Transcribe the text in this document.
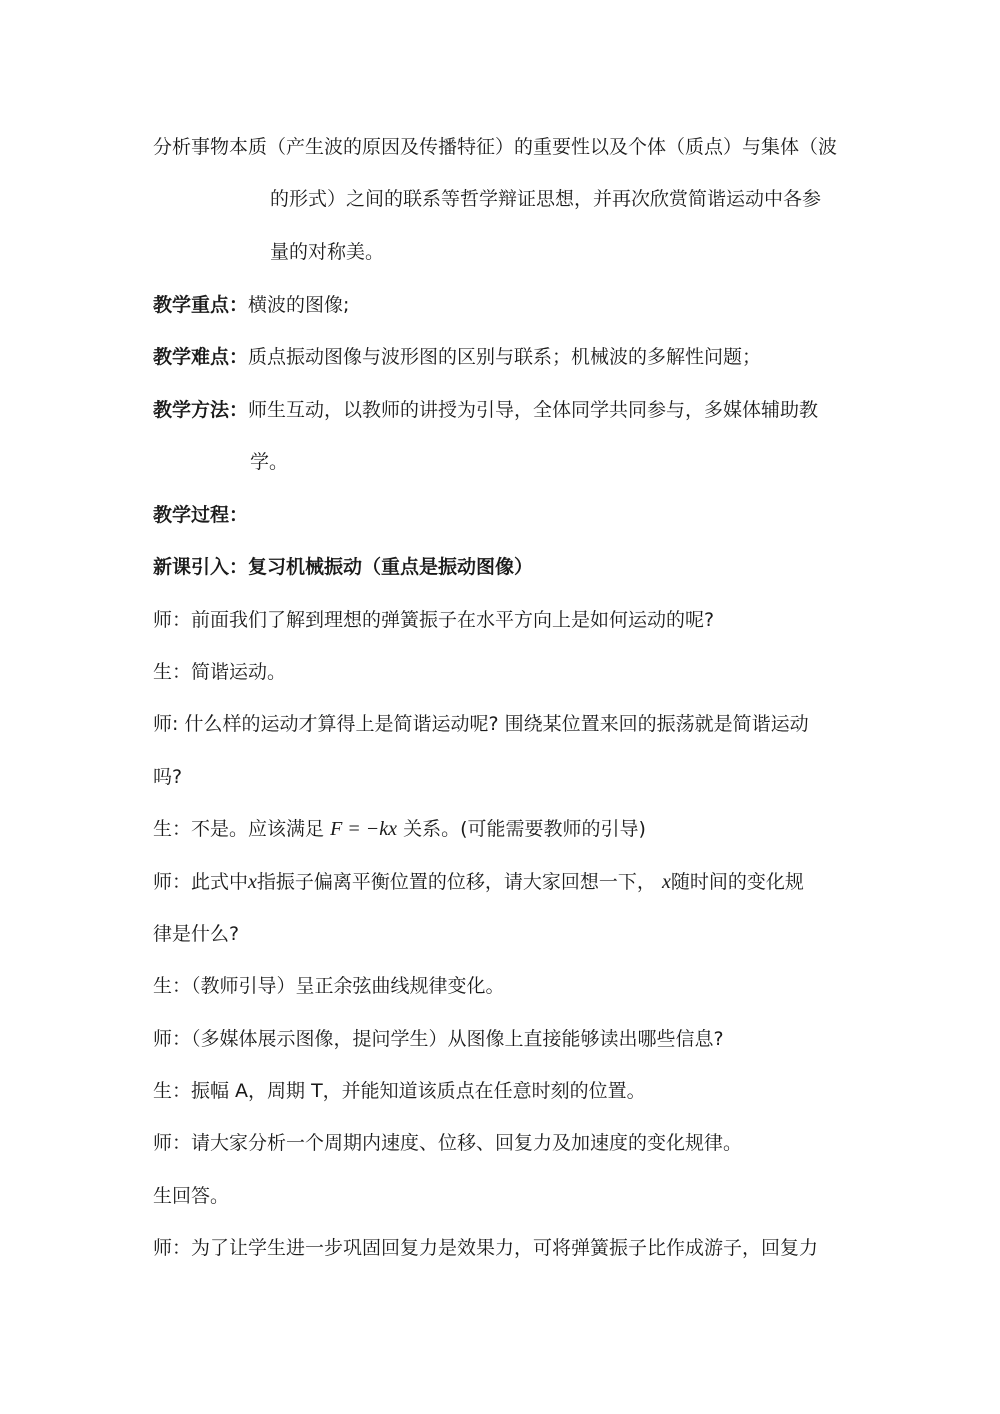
分析事物本质（产生波的原因及传播特征）的重要性以及个体（质点）与集体（波
的形式）之间的联系等哲学辩证思想，并再次欣赏简谐运动中各参
量的对称美。
教学重点：横波的图像;
教学难点：质点振动图像与波形图的区别与联系；机械波的多解性问题；
教学方法：师生互动，以教师的讲授为引导，全体同学共同参与，多媒体辅助教
学。
教学过程：
新课引入：复习机械振动（重点是振动图像）
师：前面我们了解到理想的弹簧振子在水平方向上是如何运动的呢?
生：简谐运动。
师: 什么样的运动才算得上是简谐运动呢? 围绕某位置来回的振荡就是简谐运动
吗?
生：不是。应该满足 F = −kx 关系。(可能需要教师的引导)
师：此式中x指振子偏离平衡位置的位移，请大家回想一下， x随时间的变化规
律是什么?
生：（教师引导）呈正余弦曲线规律变化。
师：（多媒体展示图像，提问学生）从图像上直接能够读出哪些信息?
生：振幅 A，周期 T，并能知道该质点在任意时刻的位置。
师：请大家分析一个周期内速度、位移、回复力及加速度的变化规律。
生回答。
师：为了让学生进一步巩固回复力是效果力，可将弹簧振子比作成游子，回复力
